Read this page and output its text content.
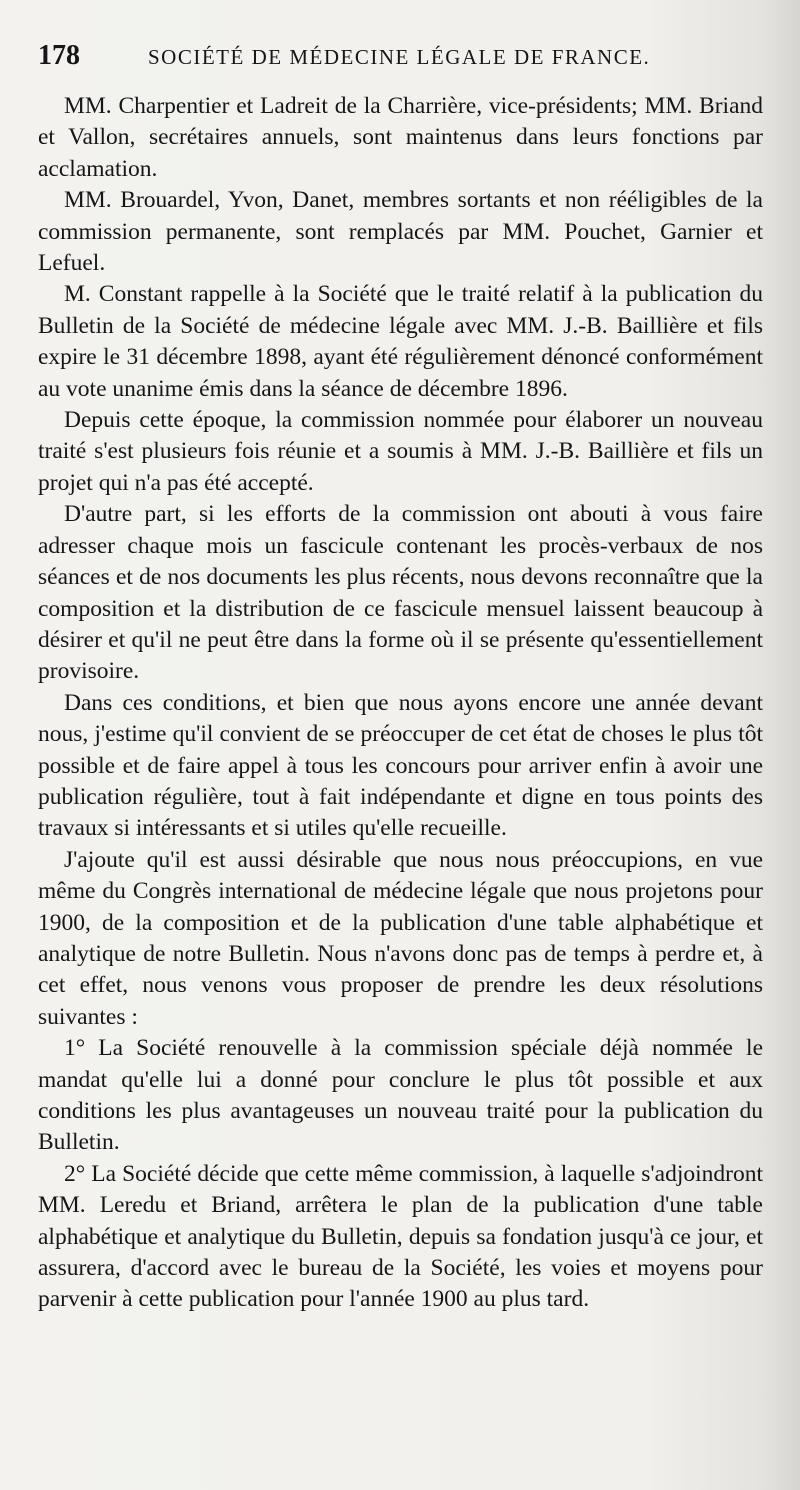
178	SOCIÉTÉ DE MÉDECINE LÉGALE DE FRANCE.

MM. Charpentier et Ladreit de la Charrière, vice-présidents; MM. Briand et Vallon, secrétaires annuels, sont maintenus dans leurs fonctions par acclamation.

MM. Brouardel, Yvon, Danet, membres sortants et non rééligibles de la commission permanente, sont remplacés par MM. Pouchet, Garnier et Lefuel.

M. Constant rappelle à la Société que le traité relatif à la publication du Bulletin de la Société de médecine légale avec MM. J.-B. Baillière et fils expire le 31 décembre 1898, ayant été régulièrement dénoncé conformément au vote unanime émis dans la séance de décembre 1896.

Depuis cette époque, la commission nommée pour élaborer un nouveau traité s'est plusieurs fois réunie et a soumis à MM. J.-B. Baillière et fils un projet qui n'a pas été accepté.

D'autre part, si les efforts de la commission ont abouti à vous faire adresser chaque mois un fascicule contenant les procès-verbaux de nos séances et de nos documents les plus récents, nous devons reconnaître que la composition et la distribution de ce fascicule mensuel laissent beaucoup à désirer et qu'il ne peut être dans la forme où il se présente qu'essentiellement provisoire.

Dans ces conditions, et bien que nous ayons encore une année devant nous, j'estime qu'il convient de se préoccuper de cet état de choses le plus tôt possible et de faire appel à tous les concours pour arriver enfin à avoir une publication régulière, tout à fait indépendante et digne en tous points des travaux si intéressants et si utiles qu'elle recueille.

J'ajoute qu'il est aussi désirable que nous nous préoccupions, en vue même du Congrès international de médecine légale que nous projetons pour 1900, de la composition et de la publication d'une table alphabétique et analytique de notre Bulletin. Nous n'avons donc pas de temps à perdre et, à cet effet, nous venons vous proposer de prendre les deux résolutions suivantes :

1° La Société renouvelle à la commission spéciale déjà nommée le mandat qu'elle lui a donné pour conclure le plus tôt possible et aux conditions les plus avantageuses un nouveau traité pour la publication du Bulletin.

2° La Société décide que cette même commission, à laquelle s'adjoindront MM. Leredu et Briand, arrêtera le plan de la publication d'une table alphabétique et analytique du Bulletin, depuis sa fondation jusqu'à ce jour, et assurera, d'accord avec le bureau de la Société, les voies et moyens pour parvenir à cette publication pour l'année 1900 au plus tard.
